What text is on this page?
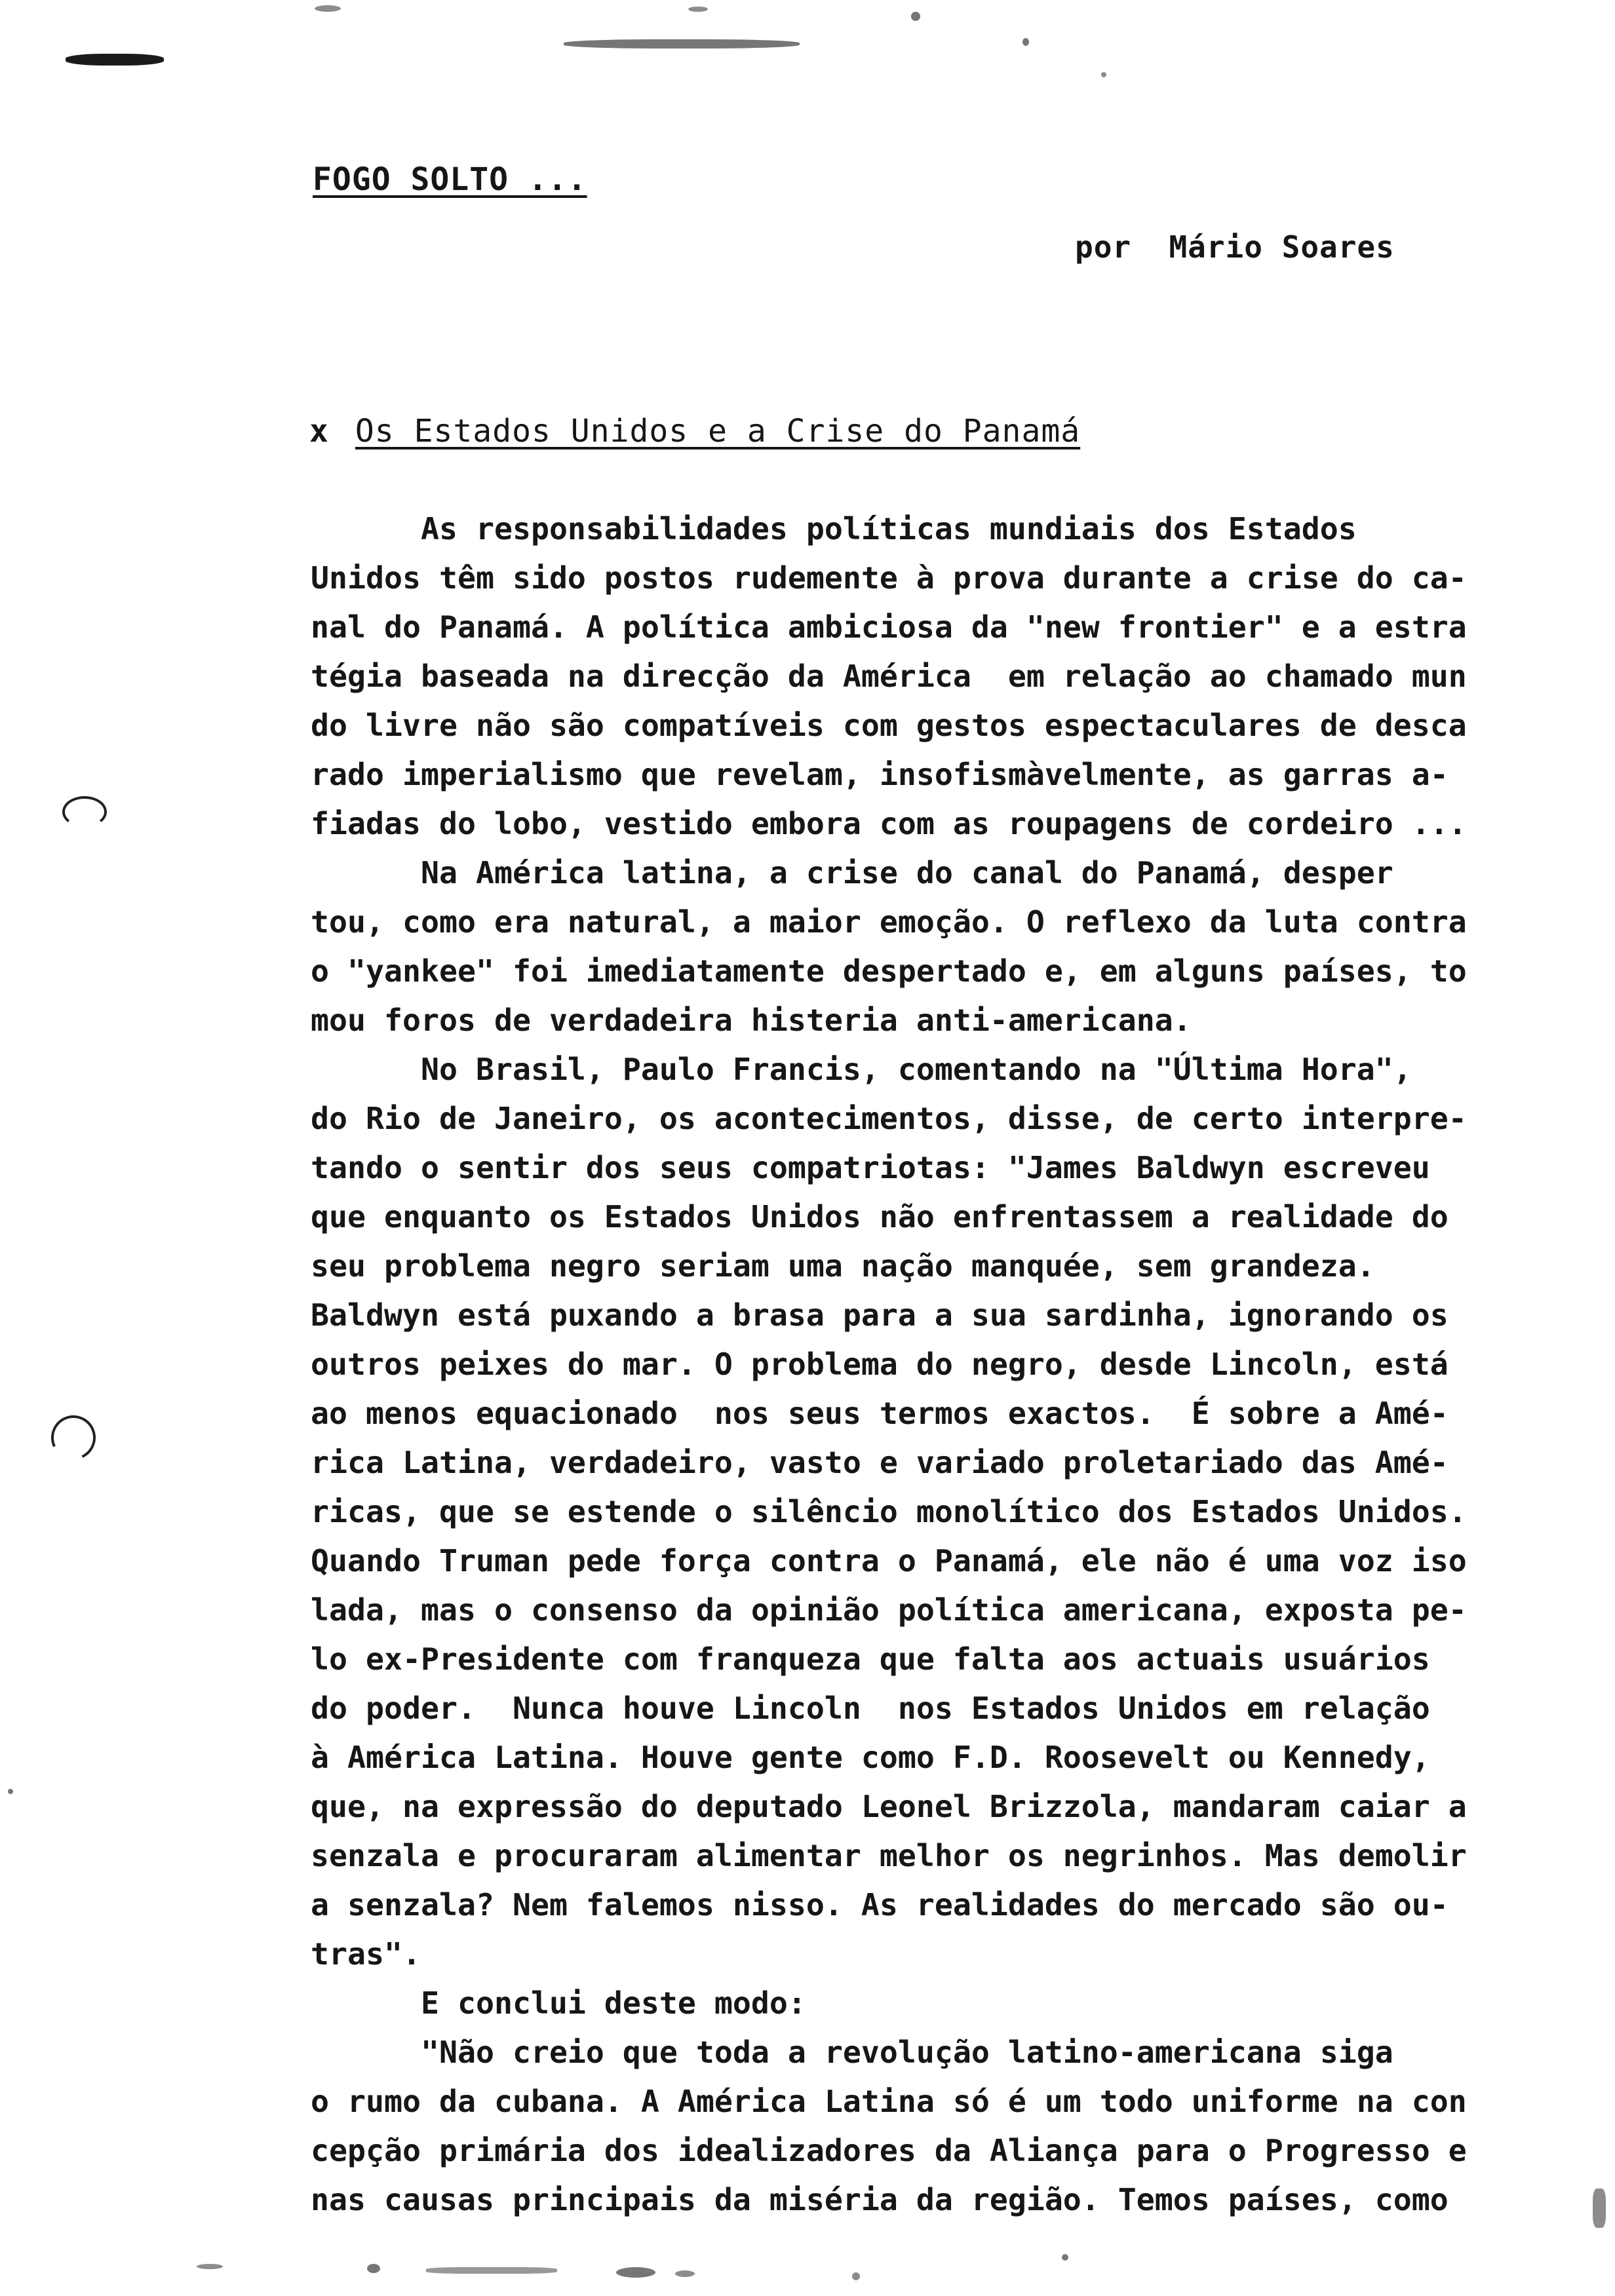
FOGO SOLTO ...
por  Mário Soares
x Os Estados Unidos e a Crise do Panamá
As responsabilidades políticas mundiais dos Estados
Unidos têm sido postos rudemente à prova durante a crise do ca-
nal do Panamá. A política ambiciosa da "new frontier" e a estra
tégia baseada na direcção da América  em relação ao chamado mun
do livre não são compatíveis com gestos espectaculares de desca
rado imperialismo que revelam, insofismàvelmente, as garras a-
fiadas do lobo, vestido embora com as roupagens de cordeiro ...
Na América latina, a crise do canal do Panamá, desper
tou, como era natural, a maior emoção. O reflexo da luta contra
o "yankee" foi imediatamente despertado e, em alguns países, to
mou foros de verdadeira histeria anti-americana.
No Brasil, Paulo Francis, comentando na "Última Hora",
do Rio de Janeiro, os acontecimentos, disse, de certo interpre-
tando o sentir dos seus compatriotas: "James Baldwyn escreveu
que enquanto os Estados Unidos não enfrentassem a realidade do
seu problema negro seriam uma nação manquée, sem grandeza.
Baldwyn está puxando a brasa para a sua sardinha, ignorando os
outros peixes do mar. O problema do negro, desde Lincoln, está
ao menos equacionado  nos seus termos exactos.  É sobre a Amé-
rica Latina, verdadeiro, vasto e variado proletariado das Amé-
ricas, que se estende o silêncio monolítico dos Estados Unidos.
Quando Truman pede força contra o Panamá, ele não é uma voz iso
lada, mas o consenso da opinião política americana, exposta pe-
lo ex-Presidente com franqueza que falta aos actuais usuários
do poder.  Nunca houve Lincoln  nos Estados Unidos em relação
à América Latina. Houve gente como F.D. Roosevelt ou Kennedy,
que, na expressão do deputado Leonel Brizzola, mandaram caiar a
senzala e procuraram alimentar melhor os negrinhos. Mas demolir
a senzala? Nem falemos nisso. As realidades do mercado são ou-
tras".
E conclui deste modo:
"Não creio que toda a revolução latino-americana siga
o rumo da cubana. A América Latina só é um todo uniforme na con
cepção primária dos idealizadores da Aliança para o Progresso e
nas causas principais da miséria da região. Temos países, como
